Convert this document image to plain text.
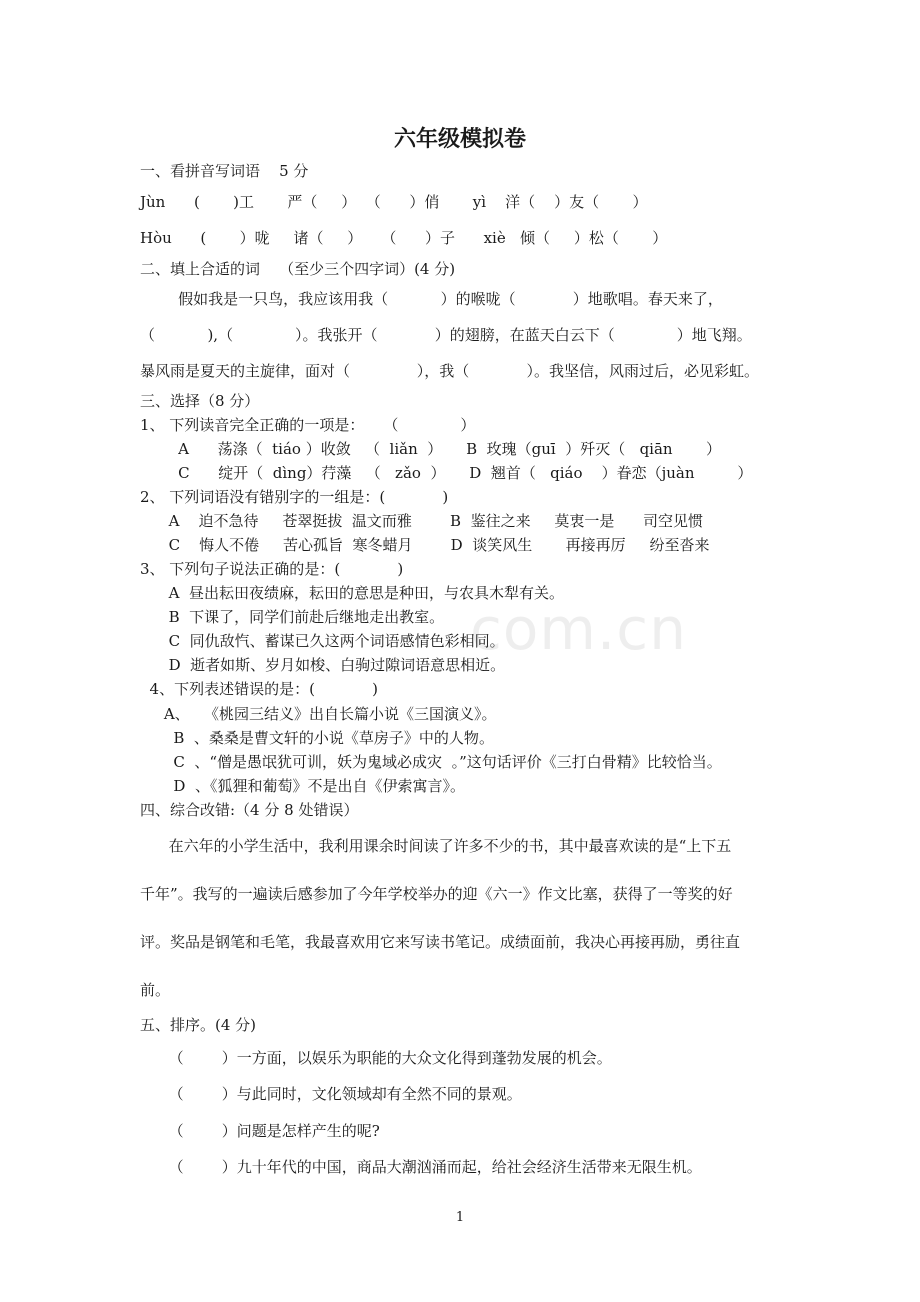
com.cn
六年级模拟卷
一、看拼音写词语    5 分
Jùn      (       )工       严（     ）  （      ）俏       yì    洋（    ）友（       ）
Hòu      (       ）咙     诸（     ）    （      ）子      xiè   倾（     ）松（       ）
二、填上合适的词    （至少三个四字词）(4 分)
假如我是一只鸟，我应该用我（           ）的喉咙（            ）地歌唱。春天来了，
（           ),（             ）。我张开（            ）的翅膀，在蓝天白云下（             ）地飞翔。
暴风雨是夏天的主旋律，面对（              ），我（            ）。我坚信，风雨过后，必见彩虹。
三、选择（8 分）
1、 下列读音完全正确的一项是：    （             ）
A      荡涤（  tiáo ）收敛   （  liǎn  ）     B  玫瑰（guī  ）歼灭（   qiān       ）
C      绽开（  dìng）荇藻   （   zǎo  ）     D  翘首（   qiáo    ）眷恋（juàn         ）
2、 下列词语没有错别字的一组是：(            )
A    迫不急待     苍翠挺拔  温文而雅        B  鉴往之来     莫衷一是      司空见惯
C    悔人不倦     苦心孤旨  寒冬蜡月        D  谈笑风生       再接再厉     纷至沓来
3、 下列句子说法正确的是：(            )
A  昼出耘田夜绩麻，耘田的意思是种田，与农具木犁有关。
B  下课了，同学们前赴后继地走出教室。
C  同仇敌忾、蓄谋已久这两个词语感情色彩相同。
D  逝者如斯、岁月如梭、白驹过隙词语意思相近。
4、下列表述错误的是：(            )
A、   《桃园三结义》出自长篇小说《三国演义》。
B  、桑桑是曹文轩的小说《草房子》中的人物。
C  、“僧是愚氓犹可训，妖为鬼域必成灾  。”这句话评价《三打白骨精》比较恰当。
D  、《狐狸和葡萄》不是出自《伊索寓言》。
四、综合改错:（4 分 8 处错误）
在六年的小学生活中，我利用课余时间读了许多不少的书，其中最喜欢读的是“上下五
千年”。我写的一遍读后感参加了今年学校举办的迎《六一》作文比塞，获得了一等奖的好
评。奖品是钢笔和毛笔，我最喜欢用它来写读书笔记。成绩面前，我决心再接再励，勇往直
前。
五、排序。(4 分)
（        ）一方面，以娱乐为职能的大众文化得到蓬勃发展的机会。
（        ）与此同时，文化领域却有全然不同的景观。
（        ）问题是怎样产生的呢?
（        ）九十年代的中国，商品大潮汹涌而起，给社会经济生活带来无限生机。
1
